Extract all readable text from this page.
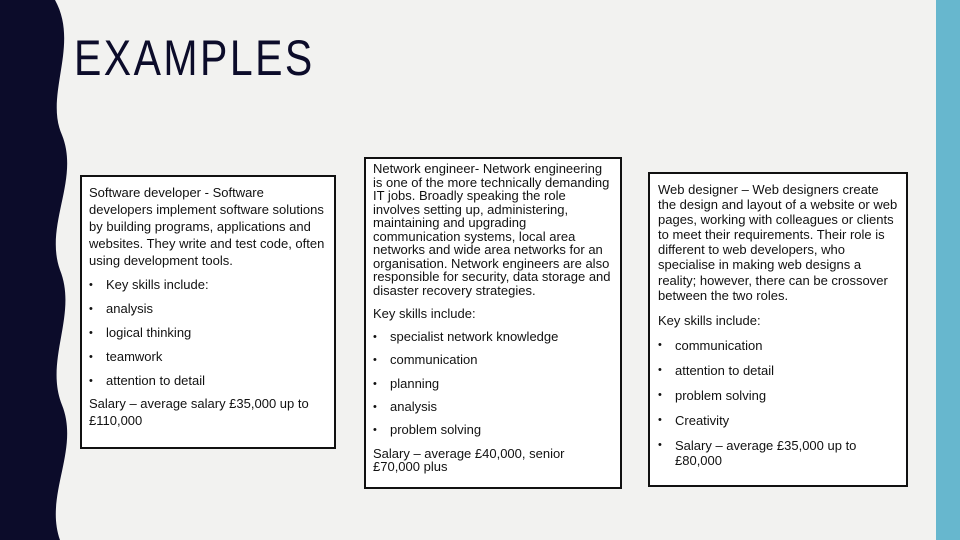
EXAMPLES

Software developer - Software developers implement software solutions by building programs, applications and websites. They write and test code, often using development tools.

• Key skills include:
• analysis
• logical thinking
• teamwork
• attention to detail

Salary – average salary £35,000 up to £110,000

Network engineer- Network engineering is one of the more technically demanding IT jobs. Broadly speaking the role involves setting up, administering, maintaining and upgrading communication systems, local area networks and wide area networks for an organisation. Network engineers are also responsible for security, data storage and disaster recovery strategies.

Key skills include:

• specialist network knowledge
• communication
• planning
• analysis
• problem solving

Salary – average £40,000, senior £70,000 plus

Web designer – Web designers create the design and layout of a website or web pages, working with colleagues or clients to meet their requirements. Their role is different to web developers, who specialise in making web designs a reality; however, there can be crossover between the two roles.

Key skills include:

• communication
• attention to detail
• problem solving
• Creativity
• Salary – average £35,000 up to £80,000
